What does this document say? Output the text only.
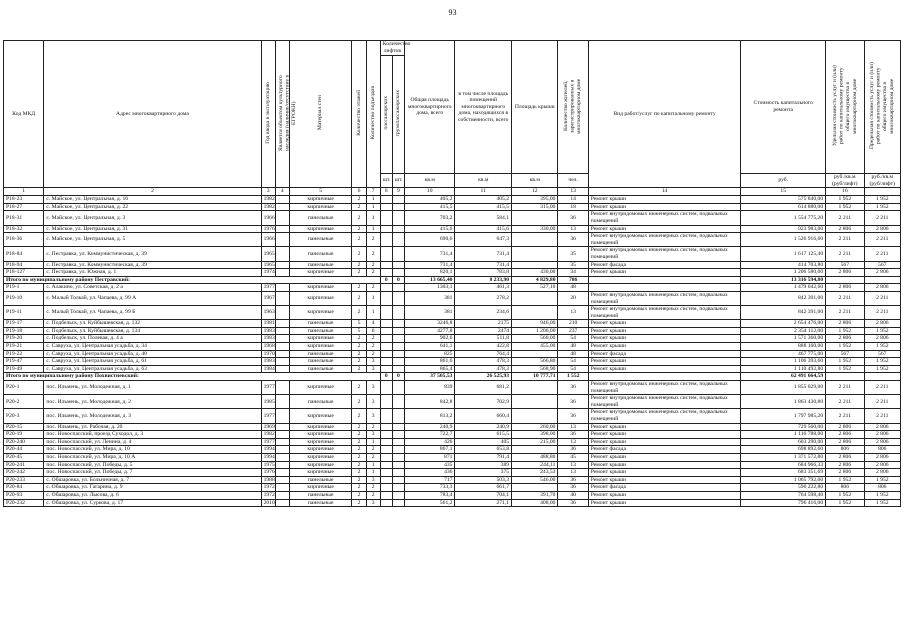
93
Код МКД	Адрес многоквартирного дома	Год ввода в эксплуатацию	Является объектом культурного наследия (наличие/отсутствие в ЕГРОКН)	Материал стен	Количество этажей	Количество подъездов	Количество лифтов		Общая площадь многоквартирного дома, всего	в том числе площадь помещений многоквартирного дома, находящихся в собственности, всего	Площадь крыши	Количество жителей, зарегистрированных в многоквартирном доме	Вид работ/услуг по капитальному ремонту	Стоимость капитального ремонта	Удельная стоимость услуг и (или) работ по капитальному ремонту общего имущества в многоквартирном доме	Предельная стоимость услуг и (или) работ по капитальному ремонту общего имущества в многоквартирном доме
							пассажирских	грузопассажирских								
							шт.	шт.	кв.м	кв.м	кв.м	чел.		руб.	руб./кв.м (руб/лифт)	руб./кв.м (руб/лифт)
1	2	3	4	5	6	7	8	9	10	11	12	13	14	15	16	
Р18-23	с. Майское, ул. Центральная, д. 16	1982		кирпичные	2	1			405,2	405,2	395,00	14	Ремонт крыши	575 840,00	1 952	1 952
Р18-27	с. Майское, ул. Центральная, д. 22	1982		кирпичные	2	1			415,5	415,5	315,00	18	Ремонт крыши	614 880,00	1 952	1 952
Р18-31	с. Майское, ул. Центральная, д. 3	1966		панельные	2	1			703,2	584,1		36	Ремонт внутридомовых инженерных систем, подвальных помещений	1 554 775,20	2 211	2 211
Р18-32	с. Майское, ул. Центральная, д. 31	1976		кирпичные	2	1			415,6	415,6	330,00	13	Ремонт крыши	923 983,00	2 806	2 806
Р18-36	с. Майское, ул. Центральная, д. 5	1966		панельные	2	2			690,6	647,3		36	Ремонт внутридомовых инженерных систем, подвальных помещений	1 526 916,60	2 211	2 211
Р18-84	с. Пестравка, ул. Коммунистическая, д. 39	1965		панельные	2	2			731,4	731,4		35	Ремонт внутридомовых инженерных систем, подвальных помещений	1 617 125,40	2 211	2 211
Р18-94	с. Пестравка, ул. Коммунистическая, д. 39	1965		панельные	2	2			731,4	731,4		35	Ремонт фасада	414 703,80	567	567
Р18-127	с. Пестравка, ул. Южная, д. 1	1974		кирпичные	2	2			820,1	783,8	430,00	34	Ремонт крыши	1 206 580,00	2 806	2 806
Итого по муниципальному району Пестравский:							0	0	13 665,40	8 233,90	4 829,80	786		13 316 594,80		
Р19-1	с. Алакино, ул. Советская, д. 2 а	1977		кирпичные	2	2			1303,1	461,3	527,10	48		1 479 042,60	2 806	2 806
Р19-10	с. Малый Толкай, ул. Чапаева, д. 99 А	1967		кирпичные	2	1			381	278,2		20	Ремонт внутридомовых инженерных систем, подвальных помещений	842 391,00	2 211	2 211
Р19-11	с. Малый Толкай, ул. Чапаева, д. 99 Б	1963		кирпичные	2	1			381	234,6		13	Ремонт внутридомовых инженерных систем, подвальных помещений	842 391,00	2 211	2 211
Р19-17	с. Подбельск, ул. Куйбышевская, д. 132	1981		панельные	5	4			3246,8	2175	946,00	210	Ремонт крыши	2 654 476,00	2 806	2 806
Р19-18	с. Подбельск, ул. Куйбышевская, д. 134	1983		панельные	5	6			4277,8	2474	1 206,00	237	Ремонт крыши	2 354 112,00	1 952	1 952
Р19-20	с. Подбельск, ул. Полевая, д. 4 а	1983		кирпичные	2	2			902,6	511,8	560,00	54	Ремонт крыши	1 571 360,00	2 806	2 806
Р19-21	с. Савруха, ул. Центральная усадьба, д. 34	1968		кирпичные	2	2			641,1	422,8	455,00	48	Ремонт крыши	888 160,00	1 952	1 952
Р19-22	с. Савруха, ул. Центральная усадьба, д. 40	1970		панельные	2	2			825	764,4		48	Ремонт фасада	467 775,00	567	567
Р19-47	с. Савруха, ул. Центральная усадьба, д. 61	1983		панельные	2	3			861,6	478,3	566,80	54	Ремонт крыши	1 106 393,60	1 952	1 952
Р19-49	с. Савруха, ул. Центральная усадьба, д. 63	1984		панельные	2	3			865,4	478,3	568,90	54	Ремонт крыши	1 110 492,80	1 952	1 952
Итого по муниципальному району Похвистневский:							0	0	37 505,53	26 525,93	10 777,71	1 552		62 491 664,59		
Р20-1	пос. Ильмень, ул. Молодежная, д. 1	1977		кирпичные	2	3			839	681,2		36	Ремонт внутридомовых инженерных систем, подвальных помещений	1 855 029,00	2 211	2 211
Р20-2	пос. Ильмень, ул. Молодежная, д. 2	1985		панельные	2	3			842,8	702,9		36	Ремонт внутридомовых инженерных систем, подвальных помещений	1 863 430,80	2 211	2 211
Р20-3	пос. Ильмень, ул. Молодежная, д. 3	1977		кирпичные	2	3			813,2	660,4		36	Ремонт внутридомовых инженерных систем, подвальных помещений	1 797 985,20	2 211	2 211
Р20-15	пос. Ильмень, ул. Рабочая, д. 20	1969		кирпичные	2	2			240,9	240,9	260,00	13	Ремонт крыши	729 560,00	2 806	2 806
Р20-19	пос. Новоспасский, проезд Суходол, д. 3	1982		кирпичные	2	3			722,7	615,5	398,00	36	Ремонт крыши	1 116 788,00	2 806	2 806
Р20-240	пос. Новоспасский, ул. Ленина, д. 4	1977		кирпичные	2	1			426	405	215,00	13	Ремонт крыши	603 290,00	2 806	2 806
Р20-44	пос. Новоспасский, ул. Мира, д. 10	1994		кирпичные	2	2			867,1	653,8		36	Ремонт фасада	698 892,60	806	806
Р20-45	пос. Новоспасский, ул. Мира, д. 10 А	1994		кирпичные	2	2			871	791,4	488,80	45	Ремонт крыши	1 371 572,80	2 806	2 806
Р20-241	пос. Новоспасский, ул. Победы, д. 5	1975		кирпичные	2	1			435	389	244,11	13	Ремонт крыши	684 966,33	2 806	2 806
Р20-242	пос. Новоспасский, ул. Победы, д. 7	1976		кирпичные	2	1			436	375	243,53	13	Ремонт крыши	683 351,69	2 806	2 806
Р20-233	с. Обшаровка, ул. Больничная, д. 7	1988		панельные	2	3			717	503,3	546,00	36	Ремонт крыши	1 065 792,00	1 952	1 952
Р20-84	с. Обшаровка, ул. Гагарина, д. 9	1972		кирпичные	2	2			733,3	661,7		36	Ремонт фасада	590 222,80	806	806
Р20-93	с. Обшаровка, ул. Лысова, д. 6	1972		панельные	2	2			783,4	704,1	391,70	40	Ремонт крыши	764 598,40	1 952	1 952
Р20-232	с. Обшаровка, ул. Суркова, д. 17	2010		панельные	2	3			561,2	271,1	408,00	36	Ремонт крыши	796 416,00	1 952	1 952
